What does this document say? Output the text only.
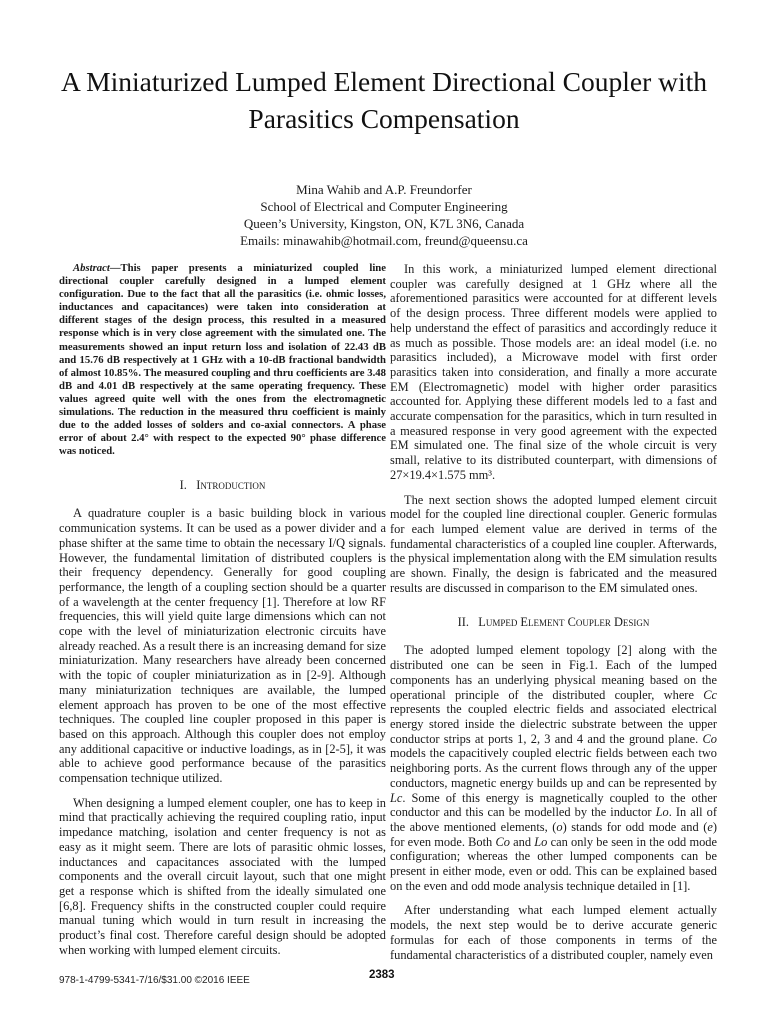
A Miniaturized Lumped Element Directional Coupler with Parasitics Compensation
Mina Wahib and A.P. Freundorfer
School of Electrical and Computer Engineering
Queen’s University, Kingston, ON, K7L 3N6, Canada
Emails: minawahib@hotmail.com, freund@queensu.ca

Abstract—This paper presents a miniaturized coupled line directional coupler carefully designed in a lumped element configuration. Due to the fact that all the parasitics (i.e. ohmic losses, inductances and capacitances) were taken into consideration at different stages of the design process, this resulted in a measured response which is in very close agreement with the simulated one. The measurements showed an input return loss and isolation of 22.43 dB and 15.76 dB respectively at 1 GHz with a 10-dB fractional bandwidth of almost 10.85%. The measured coupling and thru coefficients are 3.48 dB and 4.01 dB respectively at the same operating frequency. These values agreed quite well with the ones from the electromagnetic simulations. The reduction in the measured thru coefficient is mainly due to the added losses of solders and co-axial connectors. A phase error of about 2.4° with respect to the expected 90° phase difference was noticed.

I. Introduction

A quadrature coupler is a basic building block in various communication systems. It can be used as a power divider and a phase shifter at the same time to obtain the necessary I/Q signals. However, the fundamental limitation of distributed couplers is their frequency dependency. Generally for good coupling performance, the length of a coupling section should be a quarter of a wavelength at the center frequency [1]. Therefore at low RF frequencies, this will yield quite large dimensions which can not cope with the level of miniaturization electronic circuits have already reached. As a result there is an increasing demand for size miniaturization. Many researchers have already been concerned with the topic of coupler miniaturization as in [2-9]. Although many miniaturization techniques are available, the lumped element approach has proven to be one of the most effective techniques. The coupled line coupler proposed in this paper is based on this approach. Although this coupler does not employ any additional capacitive or inductive loadings, as in [2-5], it was able to achieve good performance because of the parasitics compensation technique utilized.

When designing a lumped element coupler, one has to keep in mind that practically achieving the required coupling ratio, input impedance matching, isolation and center frequency is not as easy as it might seem. There are lots of parasitic ohmic losses, inductances and capacitances associated with the lumped components and the overall circuit layout, such that one might get a response which is shifted from the ideally simulated one [6,8]. Frequency shifts in the constructed coupler could require manual tuning which would in turn result in increasing the product’s final cost. Therefore careful design should be adopted when working with lumped element circuits.

In this work, a miniaturized lumped element directional coupler was carefully designed at 1 GHz where all the aforementioned parasitics were accounted for at different levels of the design process. Three different models were applied to help understand the effect of parasitics and accordingly reduce it as much as possible. Those models are: an ideal model (i.e. no parasitics included), a Microwave model with first order parasitics taken into consideration, and finally a more accurate EM (Electromagnetic) model with higher order parasitics accounted for. Applying these different models led to a fast and accurate compensation for the parasitics, which in turn resulted in a measured response in very good agreement with the expected EM simulated one. The final size of the whole circuit is very small, relative to its distributed counterpart, with dimensions of 27×19.4×1.575 mm³.

The next section shows the adopted lumped element circuit model for the coupled line directional coupler. Generic formulas for each lumped element value are derived in terms of the fundamental characteristics of a coupled line coupler. Afterwards, the physical implementation along with the EM simulation results are shown. Finally, the design is fabricated and the measured results are discussed in comparison to the EM simulated ones.

II. Lumped Element Coupler Design

The adopted lumped element topology [2] along with the distributed one can be seen in Fig.1. Each of the lumped components has an underlying physical meaning based on the operational principle of the distributed coupler, where Cc represents the coupled electric fields and associated electrical energy stored inside the dielectric substrate between the upper conductor strips at ports 1, 2, 3 and 4 and the ground plane. Co models the capacitively coupled electric fields between each two neighboring ports. As the current flows through any of the upper conductors, magnetic energy builds up and can be represented by Lc. Some of this energy is magnetically coupled to the other conductor and this can be modelled by the inductor Lo. In all of the above mentioned elements, (o) stands for odd mode and (e) for even mode. Both Co and Lo can only be seen in the odd mode configuration; whereas the other lumped components can be present in either mode, even or odd. This can be explained based on the even and odd mode analysis technique detailed in [1].

After understanding what each lumped element actually models, the next step would be to derive accurate generic formulas for each of those components in terms of the fundamental characteristics of a distributed coupler, namely even

978-1-4799-5341-7/16/$31.00 ©2016 IEEE	2383
